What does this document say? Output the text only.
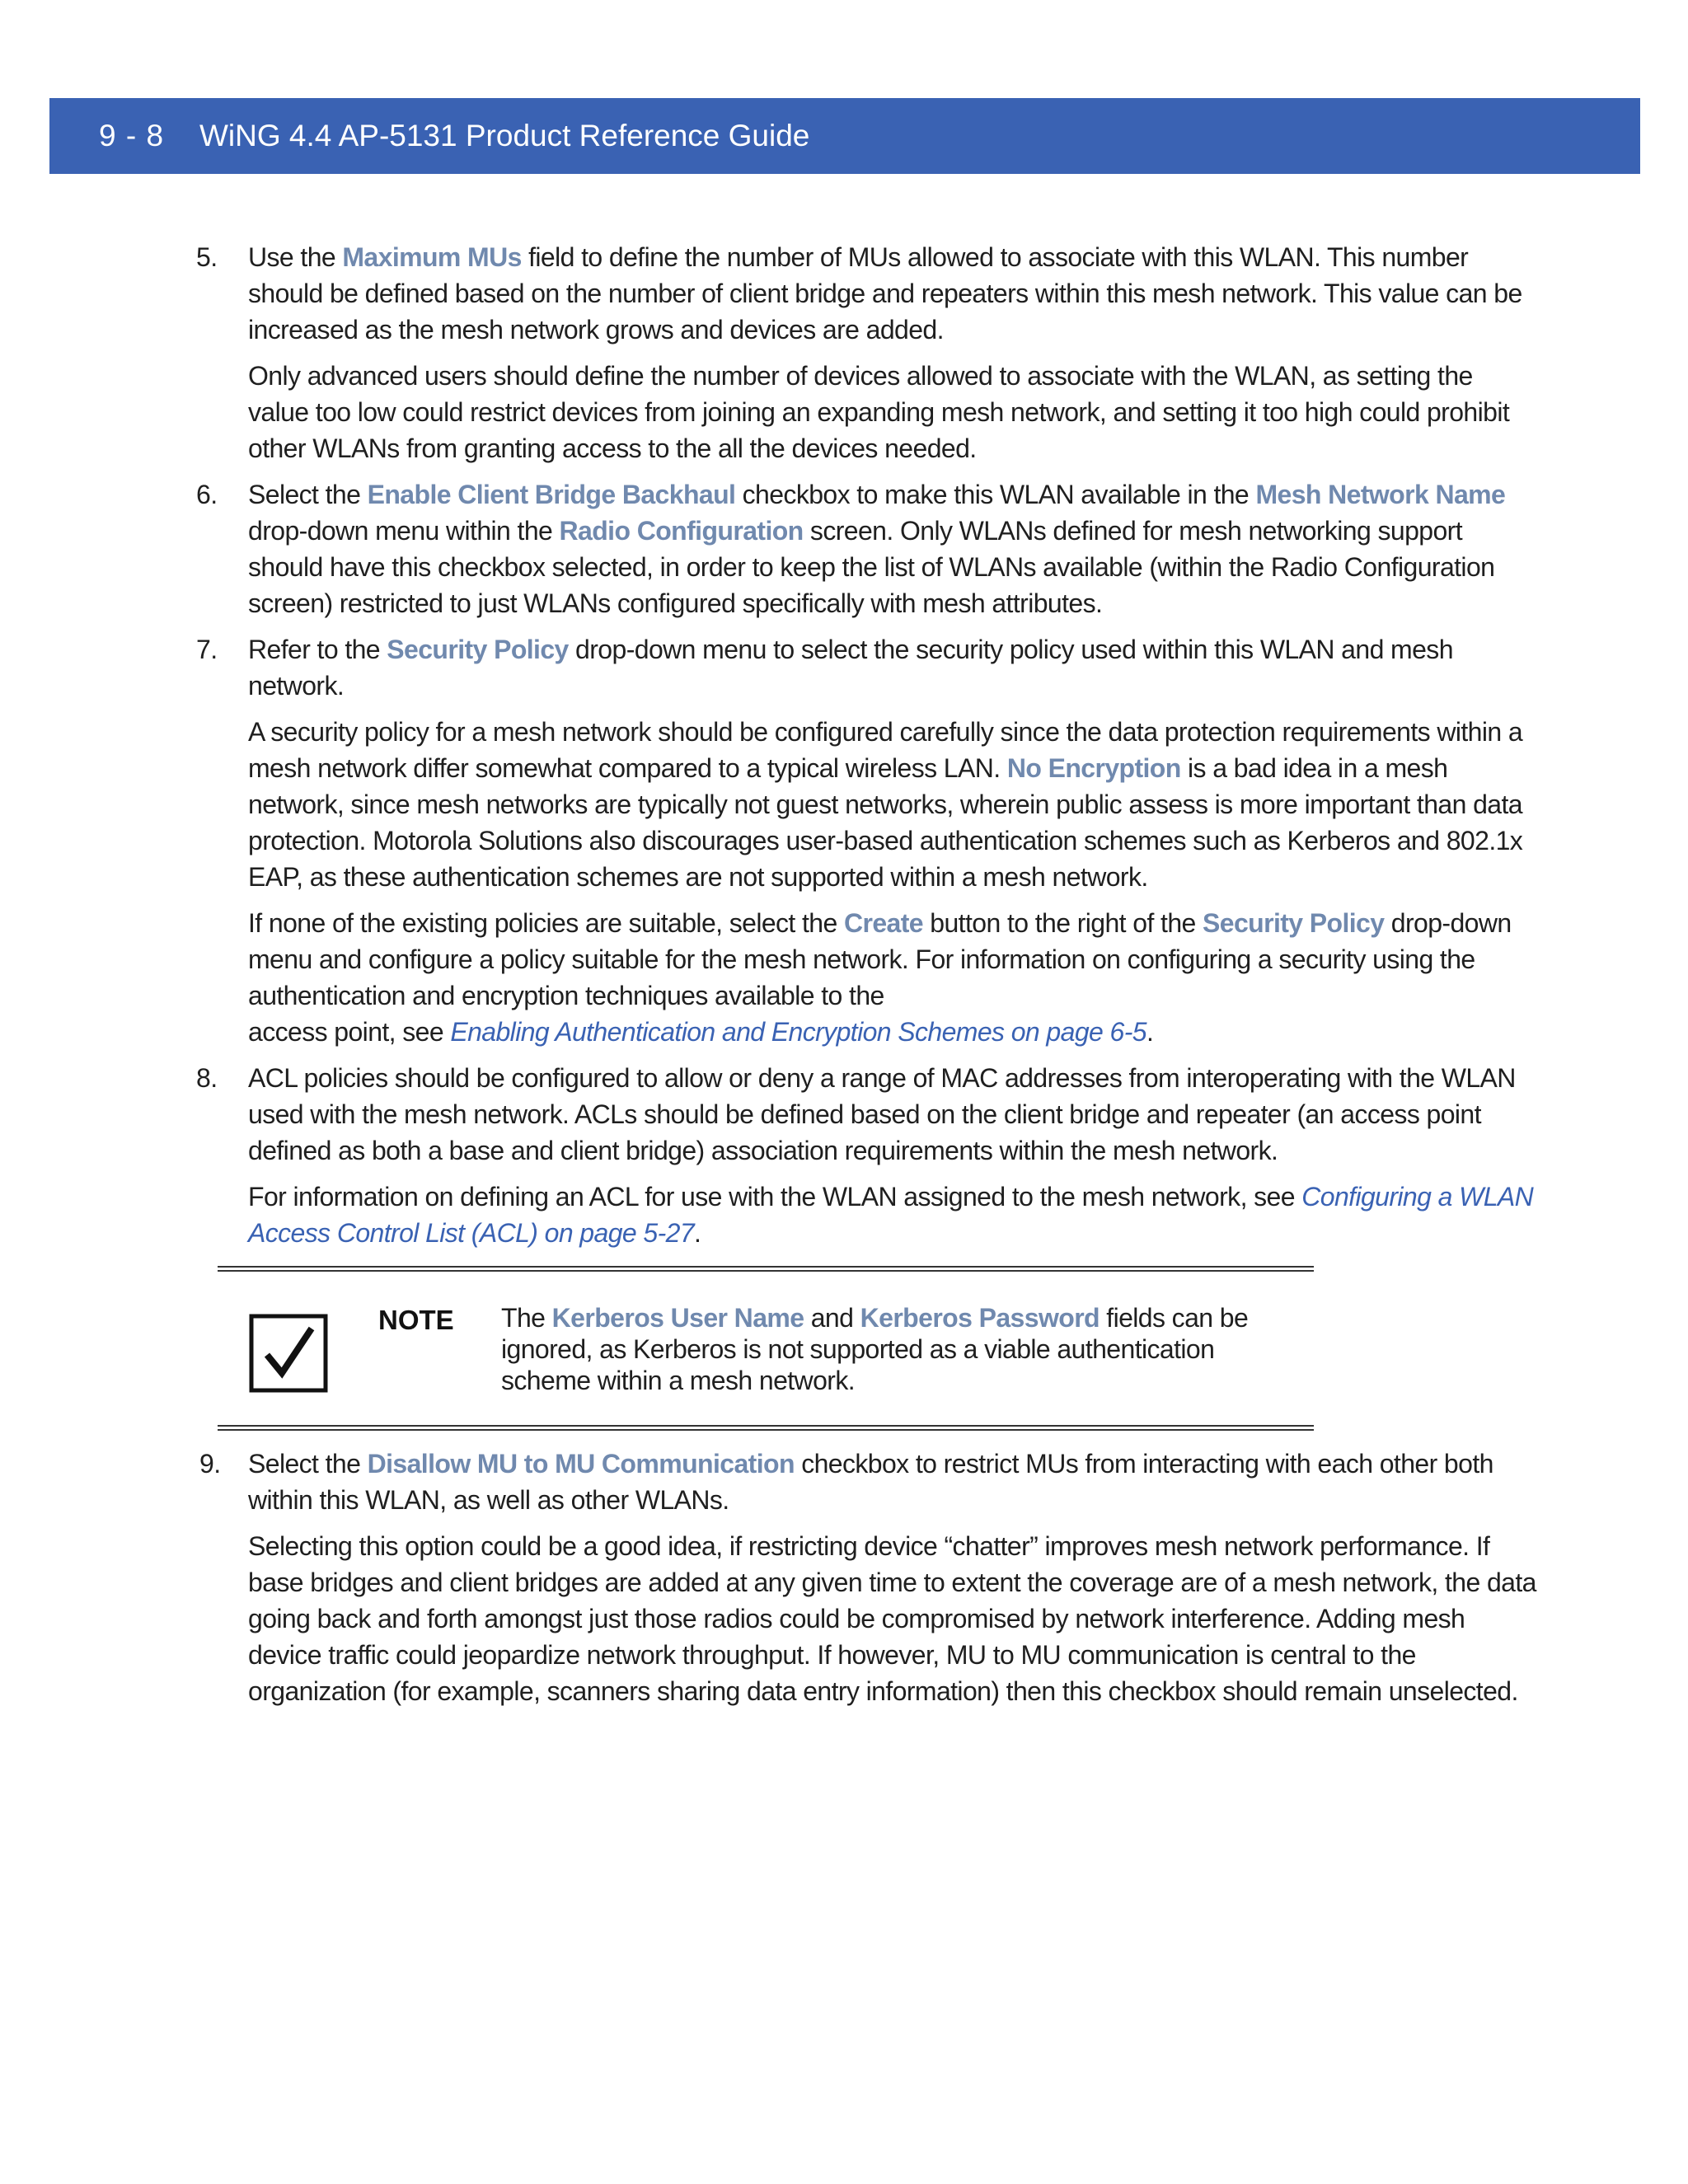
9 - 8 WiNG 4.4 AP-5131 Product Reference Guide
5. Use the Maximum MUs field to define the number of MUs allowed to associate with this WLAN. This number should be defined based on the number of client bridge and repeaters within this mesh network. This value can be increased as the mesh network grows and devices are added.
Only advanced users should define the number of devices allowed to associate with the WLAN, as setting the value too low could restrict devices from joining an expanding mesh network, and setting it too high could prohibit other WLANs from granting access to the all the devices needed.
6. Select the Enable Client Bridge Backhaul checkbox to make this WLAN available in the Mesh Network Name drop-down menu within the Radio Configuration screen. Only WLANs defined for mesh networking support should have this checkbox selected, in order to keep the list of WLANs available (within the Radio Configuration screen) restricted to just WLANs configured specifically with mesh attributes.
7. Refer to the Security Policy drop-down menu to select the security policy used within this WLAN and mesh network.
A security policy for a mesh network should be configured carefully since the data protection requirements within a mesh network differ somewhat compared to a typical wireless LAN. No Encryption is a bad idea in a mesh network, since mesh networks are typically not guest networks, wherein public assess is more important than data protection. Motorola Solutions also discourages user-based authentication schemes such as Kerberos and 802.1x EAP, as these authentication schemes are not supported within a mesh network.
If none of the existing policies are suitable, select the Create button to the right of the Security Policy drop-down menu and configure a policy suitable for the mesh network. For information on configuring a security using the authentication and encryption techniques available to the
access point, see Enabling Authentication and Encryption Schemes on page 6-5.
8. ACL policies should be configured to allow or deny a range of MAC addresses from interoperating with the WLAN used with the mesh network. ACLs should be defined based on the client bridge and repeater (an access point defined as both a base and client bridge) association requirements within the mesh network.
For information on defining an ACL for use with the WLAN assigned to the mesh network, see Configuring a WLAN Access Control List (ACL) on page 5-27.
NOTE The Kerberos User Name and Kerberos Password fields can be ignored, as Kerberos is not supported as a viable authentication scheme within a mesh network.
9. Select the Disallow MU to MU Communication checkbox to restrict MUs from interacting with each other both within this WLAN, as well as other WLANs.
Selecting this option could be a good idea, if restricting device “chatter” improves mesh network performance. If base bridges and client bridges are added at any given time to extent the coverage are of a mesh network, the data going back and forth amongst just those radios could be compromised by network interference. Adding mesh device traffic could jeopardize network throughput. If however, MU to MU communication is central to the organization (for example, scanners sharing data entry information) then this checkbox should remain unselected.
